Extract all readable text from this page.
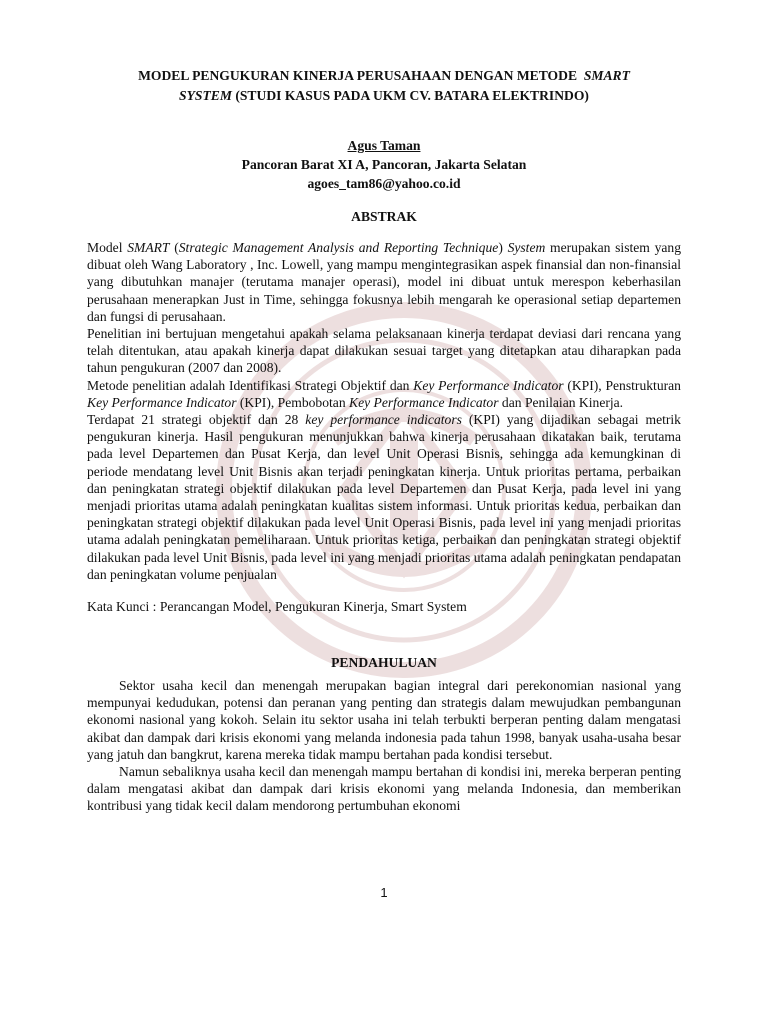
MODEL PENGUKURAN KINERJA PERUSAHAAN DENGAN METODE SMART
SYSTEM (STUDI KASUS PADA UKM CV. BATARA ELEKTRINDO)
Agus Taman
Pancoran Barat XI A, Pancoran, Jakarta Selatan
agoes_tam86@yahoo.co.id
ABSTRAK

Model SMART (Strategic Management Analysis and Reporting Technique) System merupakan sistem yang dibuat oleh Wang Laboratory , Inc. Lowell, yang mampu mengintegrasikan aspek finansial dan non-finansial yang dibutuhkan manajer (terutama manajer operasi), model ini dibuat untuk merespon keberhasilan perusahaan menerapkan Just in Time, sehingga fokusnya lebih mengarah ke operasional setiap departemen dan fungsi di perusahaan.

Penelitian ini bertujuan mengetahui apakah selama pelaksanaan kinerja terdapat deviasi dari rencana yang telah ditentukan, atau apakah kinerja dapat dilakukan sesuai target yang ditetapkan atau diharapkan pada tahun pengukuran (2007 dan 2008).

Metode penelitian adalah Identifikasi Strategi Objektif dan Key Performance Indicator (KPI), Penstrukturan Key Performance Indicator (KPI), Pembobotan Key Performance Indicator dan Penilaian Kinerja.

Terdapat 21 strategi objektif dan 28 key performance indicators (KPI) yang dijadikan sebagai metrik pengukuran kinerja. Hasil pengukuran menunjukkan bahwa kinerja perusahaan dikatakan baik, terutama pada level Departemen dan Pusat Kerja, dan level Unit Operasi Bisnis, sehingga ada kemungkinan di periode mendatang level Unit Bisnis akan terjadi peningkatan kinerja. Untuk prioritas pertama, perbaikan dan peningkatan strategi objektif dilakukan pada level Departemen dan Pusat Kerja, pada level ini yang menjadi prioritas utama adalah peningkatan kualitas sistem informasi. Untuk prioritas kedua, perbaikan dan peningkatan strategi objektif dilakukan pada level Unit Operasi Bisnis, pada level ini yang menjadi prioritas utama adalah peningkatan pemeliharaan. Untuk prioritas ketiga, perbaikan dan peningkatan strategi objektif dilakukan pada level Unit Bisnis, pada level ini yang menjadi prioritas utama adalah peningkatan pendapatan dan peningkatan volume penjualan

Kata Kunci : Perancangan Model, Pengukuran Kinerja, Smart System
PENDAHULUAN

Sektor usaha kecil dan menengah merupakan bagian integral dari perekonomian nasional yang mempunyai kedudukan, potensi dan peranan yang penting dan strategis dalam mewujudkan pembangunan ekonomi nasional yang kokoh. Selain itu sektor usaha ini telah terbukti berperan penting dalam mengatasi akibat dan dampak dari krisis ekonomi yang melanda indonesia pada tahun 1998, banyak usaha-usaha besar yang jatuh dan bangkrut, karena mereka tidak mampu bertahan pada kondisi tersebut.

Namun sebaliknya usaha kecil dan menengah mampu bertahan di kondisi ini, mereka berperan penting dalam mengatasi akibat dan dampak dari krisis ekonomi yang melanda Indonesia, dan memberikan kontribusi yang tidak kecil dalam mendorong pertumbuhan ekonomi

1
